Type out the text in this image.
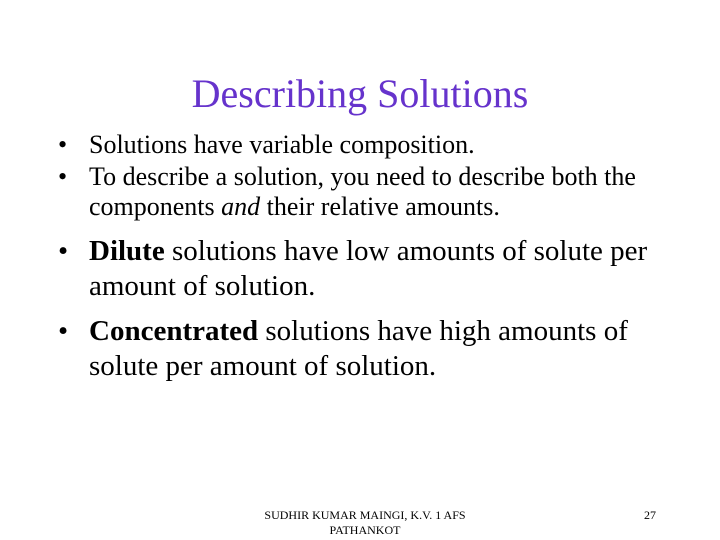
Describing Solutions
• Solutions have variable composition.
• To describe a solution, you need to describe both the components and their relative amounts.
• Dilute solutions have low amounts of solute per amount of solution.
• Concentrated solutions have high amounts of solute per amount of solution.
SUDHIR KUMAR MAINGI, K.V. 1 AFS PATHANKOT
27
